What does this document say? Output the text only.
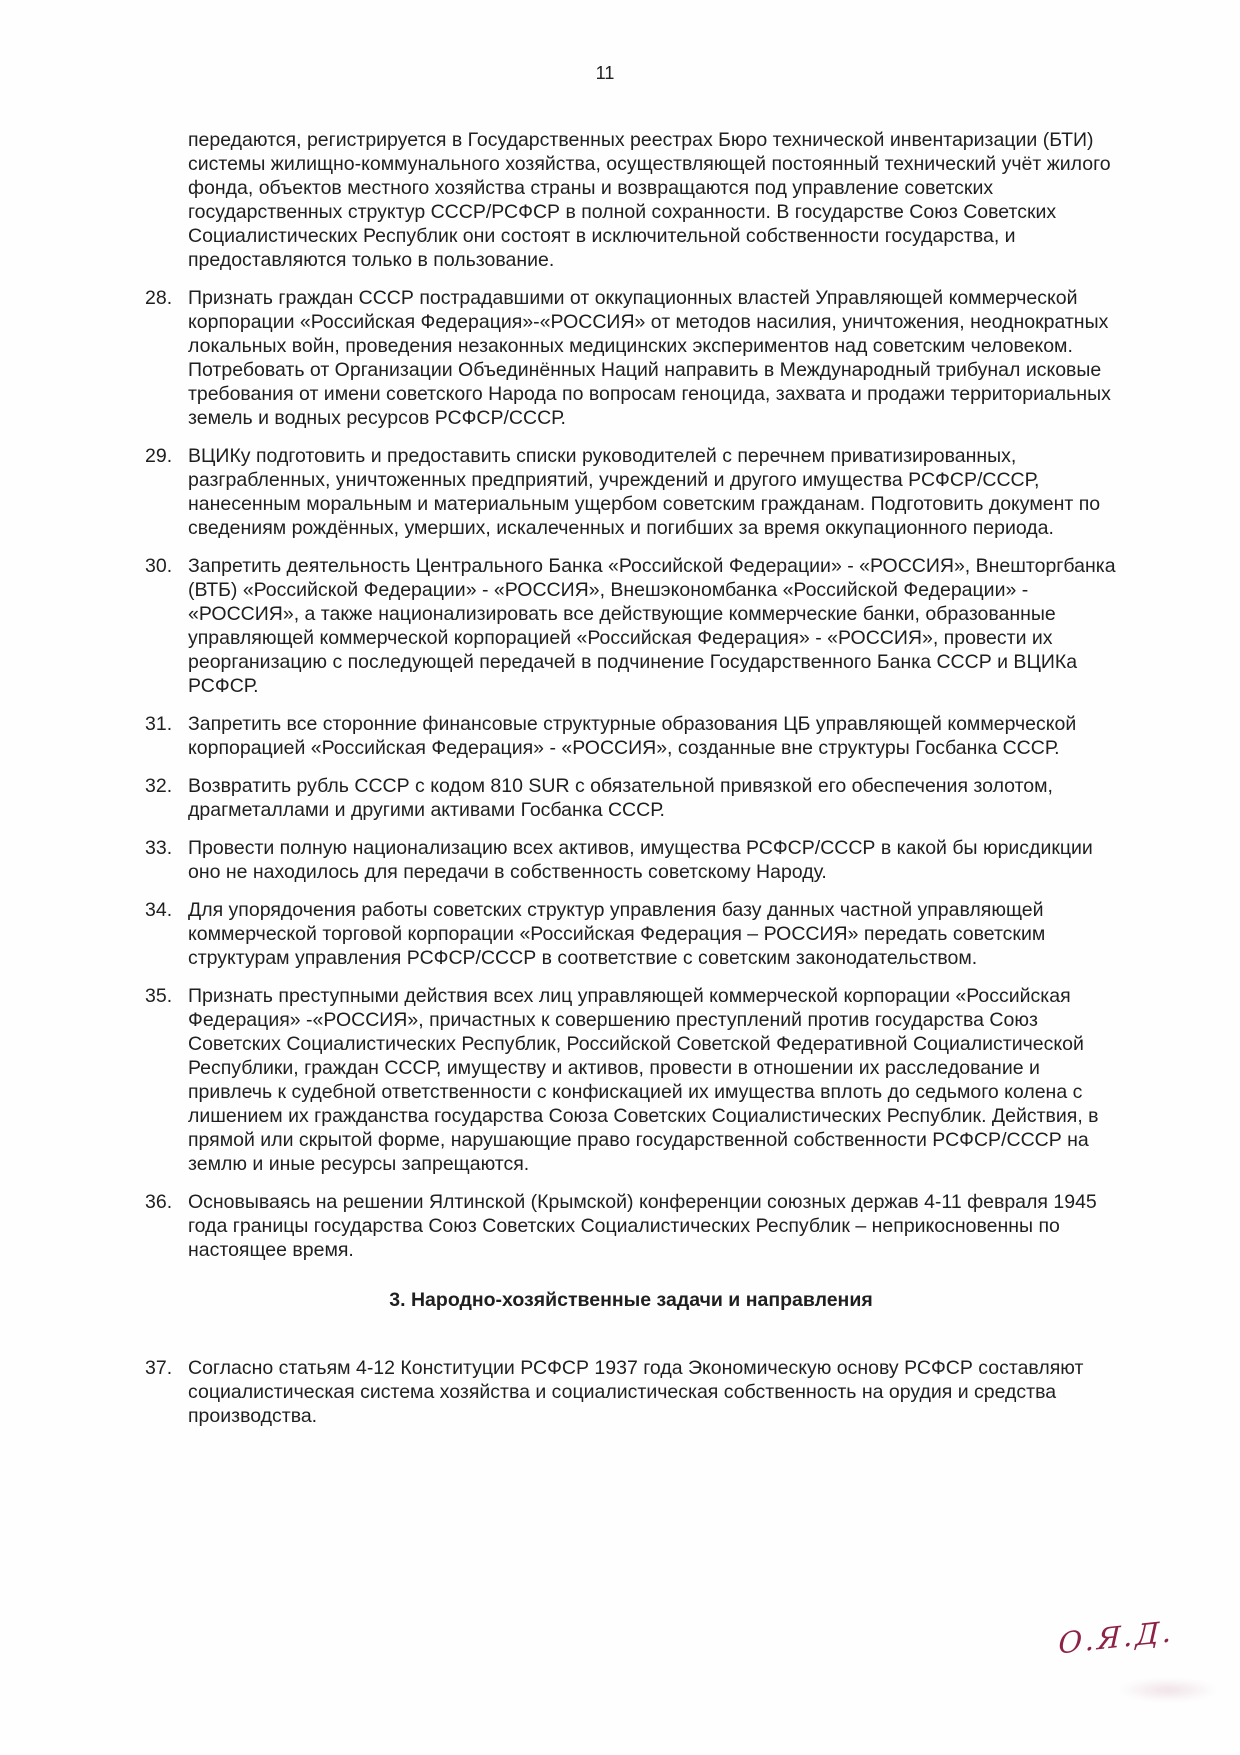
11

передаются, регистрируется в Государственных реестрах Бюро технической инвентаризации (БТИ) системы жилищно-коммунального хозяйства, осуществляющей постоянный технический учёт жилого фонда, объектов местного хозяйства страны и возвращаются под управление советских государственных структур СССР/РСФСР в полной сохранности. В государстве Союз Советских Социалистических Республик они состоят в исключительной собственности государства, и предоставляются только в пользование.

28. Признать граждан СССР пострадавшими от оккупационных властей Управляющей коммерческой корпорации «Российская Федерация»-«РОССИЯ» от методов насилия, уничтожения, неоднократных локальных войн, проведения незаконных медицинских экспериментов над советским человеком. Потребовать от Организации Объединённых Наций направить в Международный трибунал исковые требования от имени советского Народа по вопросам геноцида, захвата и продажи территориальных земель и водных ресурсов РСФСР/СССР.
29. ВЦИКу подготовить и предоставить списки руководителей с перечнем приватизированных, разграбленных, уничтоженных предприятий, учреждений и другого имущества РСФСР/СССР, нанесенным моральным и материальным ущербом советским гражданам. Подготовить документ по сведениям рождённых, умерших, искалеченных и погибших за время оккупационного периода.
30. Запретить деятельность Центрального Банка «Российской Федерации» - «РОССИЯ», Внешторгбанка (ВТБ) «Российской Федерации» - «РОССИЯ», Внешэкономбанка «Российской Федерации» - «РОССИЯ», а также национализировать все действующие коммерческие банки, образованные управляющей коммерческой корпорацией «Российская Федерация» - «РОССИЯ», провести их реорганизацию с последующей передачей в подчинение Государственного Банка СССР и ВЦИКа РСФСР.
31. Запретить все сторонние финансовые структурные образования ЦБ управляющей коммерческой корпорацией «Российская Федерация» - «РОССИЯ», созданные вне структуры Госбанка СССР.
32. Возвратить рубль СССР с кодом 810 SUR с обязательной привязкой его обеспечения золотом, драгметаллами и другими активами Госбанка СССР.
33. Провести полную национализацию всех активов, имущества РСФСР/СССР в какой бы юрисдикции оно не находилось для передачи в собственность советскому Народу.
34. Для упорядочения работы советских структур управления базу данных частной управляющей коммерческой торговой корпорации «Российская Федерация – РОССИЯ» передать советским структурам управления РСФСР/СССР в соответствие с советским законодательством.
35. Признать преступными действия всех лиц управляющей коммерческой корпорации «Российская Федерация» -«РОССИЯ», причастных к совершению преступлений против государства Союз Советских Социалистических Республик, Российской Советской Федеративной Социалистической Республики, граждан СССР, имуществу и активов, провести в отношении их расследование и привлечь к судебной ответственности с конфискацией их имущества вплоть до седьмого колена с лишением их гражданства государства Союза Советских Социалистических Республик. Действия, в прямой или скрытой форме, нарушающие право государственной собственности РСФСР/СССР на землю и иные ресурсы запрещаются.
36. Основываясь на решении Ялтинской (Крымской) конференции союзных держав 4-11 февраля 1945 года границы государства Союз Советских Социалистических Республик – неприкосновенны по настоящее время.
3. Народно-хозяйственные задачи и направления
37. Согласно статьям 4-12 Конституции РСФСР 1937 года Экономическую основу РСФСР составляют социалистическая система хозяйства и социалистическая собственность на орудия и средства производства.
О.Я.Д.
